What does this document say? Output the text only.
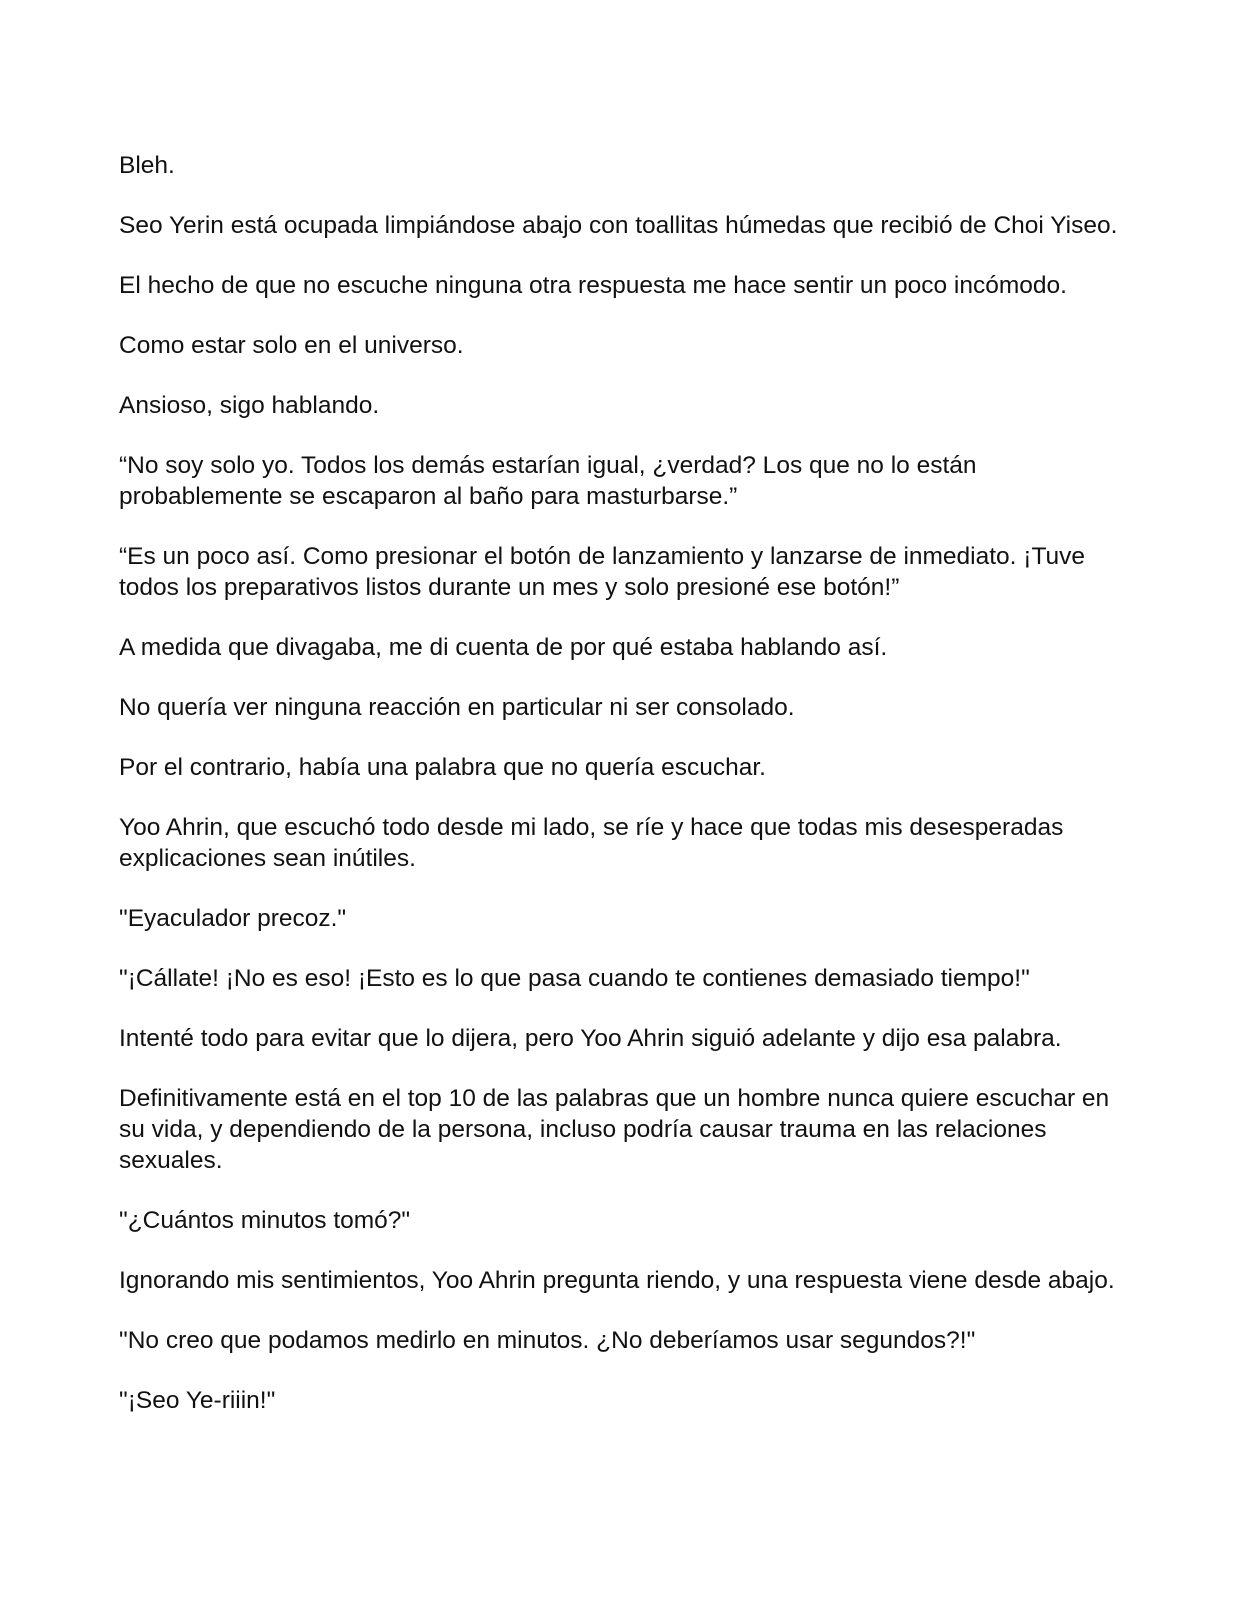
Bleh.

Seo Yerin está ocupada limpiándose abajo con toallitas húmedas que recibió de Choi Yiseo.

El hecho de que no escuche ninguna otra respuesta me hace sentir un poco incómodo.

Como estar solo en el universo.

Ansioso, sigo hablando.

“No soy solo yo. Todos los demás estarían igual, ¿verdad? Los que no lo están probablemente se escaparon al baño para masturbarse.”

“Es un poco así. Como presionar el botón de lanzamiento y lanzarse de inmediato. ¡Tuve todos los preparativos listos durante un mes y solo presioné ese botón!”

A medida que divagaba, me di cuenta de por qué estaba hablando así.

No quería ver ninguna reacción en particular ni ser consolado.

Por el contrario, había una palabra que no quería escuchar.

Yoo Ahrin, que escuchó todo desde mi lado, se ríe y hace que todas mis desesperadas explicaciones sean inútiles.

"Eyaculador precoz."

"¡Cállate! ¡No es eso! ¡Esto es lo que pasa cuando te contienes demasiado tiempo!"

Intenté todo para evitar que lo dijera, pero Yoo Ahrin siguió adelante y dijo esa palabra.

Definitivamente está en el top 10 de las palabras que un hombre nunca quiere escuchar en su vida, y dependiendo de la persona, incluso podría causar trauma en las relaciones sexuales.

"¿Cuántos minutos tomó?"

Ignorando mis sentimientos, Yoo Ahrin pregunta riendo, y una respuesta viene desde abajo.

"No creo que podamos medirlo en minutos. ¿No deberíamos usar segundos?!"

"¡Seo Ye-riiin!"
